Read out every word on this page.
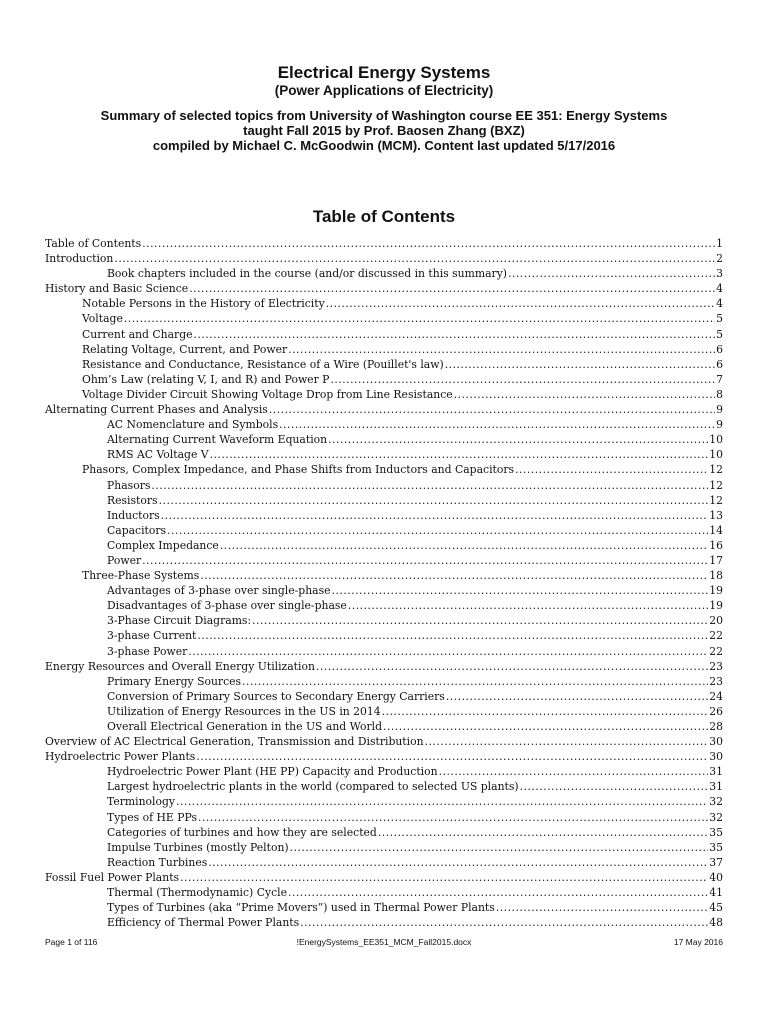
Electrical Energy Systems
(Power Applications of Electricity)
Summary of selected topics from University of Washington course EE 351: Energy Systems
taught Fall 2015 by Prof. Baosen Zhang (BXZ)
compiled by Michael C. McGoodwin (MCM). Content last updated 5/17/2016
Table of Contents
Table of Contents .....	1
Introduction .....	2
Book chapters included in the course (and/or discussed in this summary) .....	3
History and Basic Science .....	4
Notable Persons in the History of Electricity .....	4
Voltage .....	5
Current and Charge .....	5
Relating Voltage, Current, and Power .....	6
Resistance and Conductance, Resistance of a Wire (Pouillet's law) .....	6
Ohm’s Law (relating V, I, and R) and Power P .....	7
Voltage Divider Circuit Showing Voltage Drop from Line Resistance .....	8
Alternating Current Phases and Analysis .....	9
AC Nomenclature and Symbols .....	9
Alternating Current Waveform Equation .....	10
RMS AC Voltage V .....	10
Phasors, Complex Impedance, and Phase Shifts from Inductors and Capacitors .....	12
Phasors .....	12
Resistors .....	12
Inductors .....	13
Capacitors .....	14
Complex Impedance .....	16
Power .....	17
Three-Phase Systems .....	18
Advantages of 3-phase over single-phase .....	19
Disadvantages of 3-phase over single-phase .....	19
3-Phase Circuit Diagrams: .....	20
3-phase Current .....	22
3-phase Power .....	22
Energy Resources and Overall Energy Utilization .....	23
Primary Energy Sources .....	23
Conversion of Primary Sources to Secondary Energy Carriers .....	24
Utilization of Energy Resources in the US in 2014 .....	26
Overall Electrical Generation in the US and World .....	28
Overview of AC Electrical Generation, Transmission and Distribution .....	30
Hydroelectric Power Plants .....	30
Hydroelectric Power Plant (HE PP) Capacity and Production .....	31
Largest hydroelectric plants in the world (compared to selected US plants) .....	31
Terminology .....	32
Types of HE PPs .....	32
Categories of turbines and how they are selected .....	35
Impulse Turbines (mostly Pelton) .....	35
Reaction Turbines .....	37
Fossil Fuel Power Plants .....	40
Thermal (Thermodynamic) Cycle .....	41
Types of Turbines (aka “Prime Movers”) used in Thermal Power Plants .....	45
Efficiency of Thermal Power Plants .....	48
!EnergySystems_EE351_MCM_Fall2015.docx
Page 1 of 116	17 May 2016
